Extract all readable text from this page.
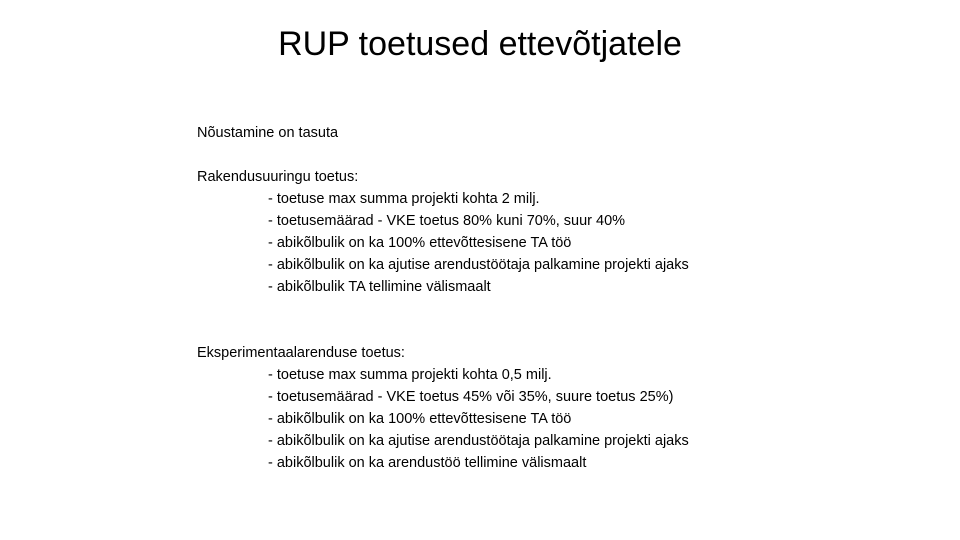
RUP toetused ettevõtjatele

Nõustamine on tasuta

Rakendusuuringu toetus:

- toetuse max summa projekti kohta 2 milj.
- toetusemäärad - VKE toetus 80% kuni 70%, suur 40%
- abikõlbulik on ka 100% ettevõttesisene TA töö
- abikõlbulik on ka ajutise arendustöötaja palkamine projekti ajaks
- abikõlbulik TA tellimine välismaalt

Eksperimentaalarenduse toetus:

- toetuse max summa projekti kohta 0,5 milj.
- toetusemäärad - VKE toetus 45% või 35%, suure toetus 25%)
- abikõlbulik on ka 100% ettevõttesisene TA töö
- abikõlbulik on ka ajutise arendustöötaja palkamine projekti ajaks
- abikõlbulik on ka arendustöö tellimine välismaalt
